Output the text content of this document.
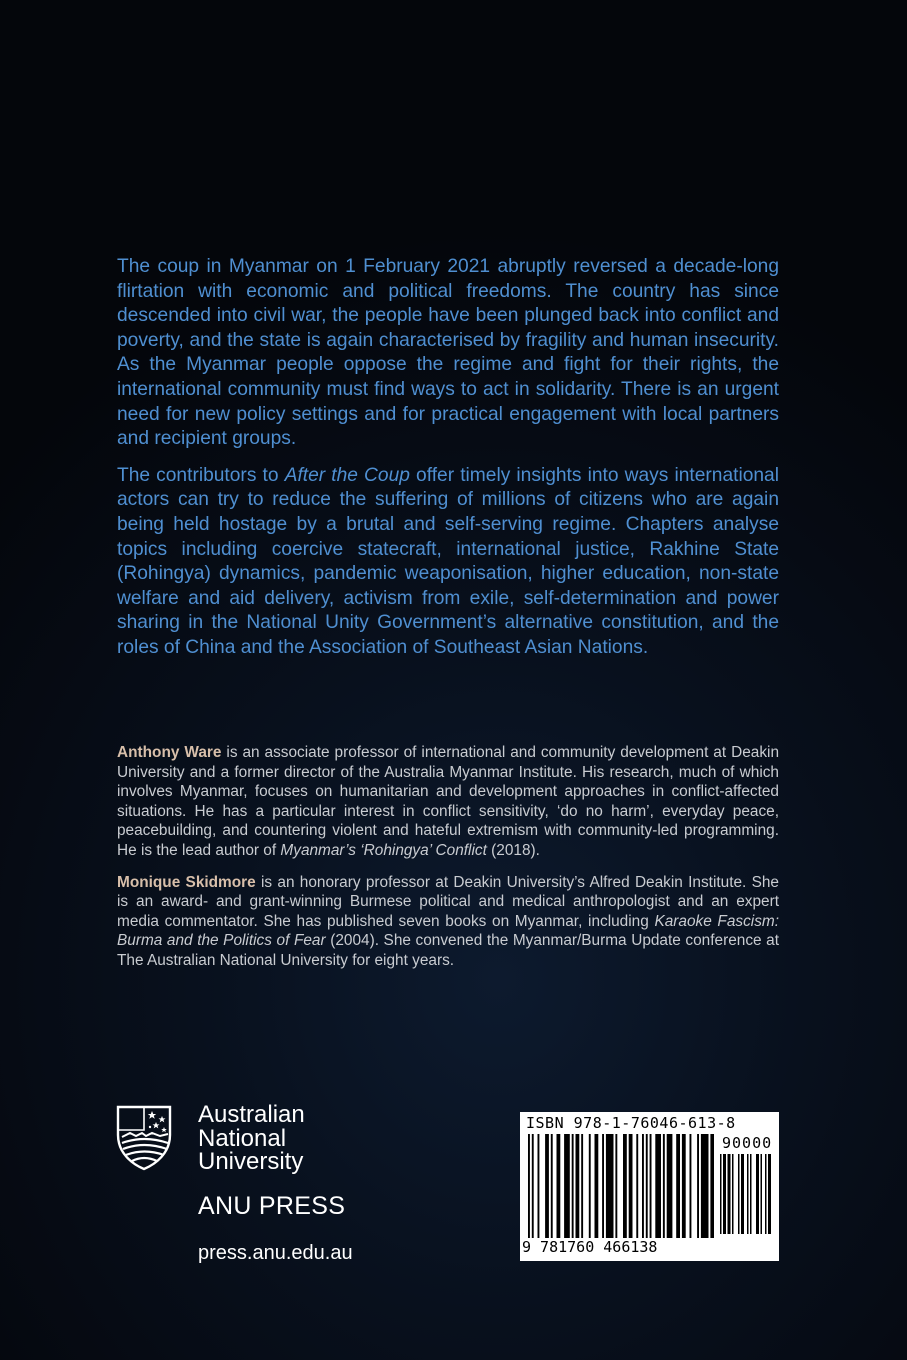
The coup in Myanmar on 1 February 2021 abruptly reversed a decade-long flirtation with economic and political freedoms. The country has since descended into civil war, the people have been plunged back into conflict and poverty, and the state is again characterised by fragility and human insecurity. As the Myanmar people oppose the regime and fight for their rights, the international community must find ways to act in solidarity. There is an urgent need for new policy settings and for practical engagement with local partners and recipient groups.

The contributors to After the Coup offer timely insights into ways international actors can try to reduce the suffering of millions of citizens who are again being held hostage by a brutal and self-serving regime. Chapters analyse topics including coercive statecraft, international justice, Rakhine State (Rohingya) dynamics, pandemic weaponisation, higher education, non-state welfare and aid delivery, activism from exile, self-determination and power sharing in the National Unity Government’s alternative constitution, and the roles of China and the Association of Southeast Asian Nations.

Anthony Ware is an associate professor of international and community development at Deakin University and a former director of the Australia Myanmar Institute. His research, much of which involves Myanmar, focuses on humanitarian and development approaches in conflict-affected situations. He has a particular interest in conflict sensitivity, ‘do no harm’, everyday peace, peacebuilding, and countering violent and hateful extremism with community-led programming. He is the lead author of Myanmar’s ‘Rohingya’ Conflict (2018).

Monique Skidmore is an honorary professor at Deakin University’s Alfred Deakin Institute. She is an award- and grant-winning Burmese political and medical anthropologist and an expert media commentator. She has published seven books on Myanmar, including Karaoke Fascism: Burma and the Politics of Fear (2004). She convened the Myanmar/Burma Update conference at The Australian National University for eight years.

Australian
National
University
ANU PRESS
press.anu.edu.au
ISBN 978-1-76046-613-8
90000
9 781760 466138
